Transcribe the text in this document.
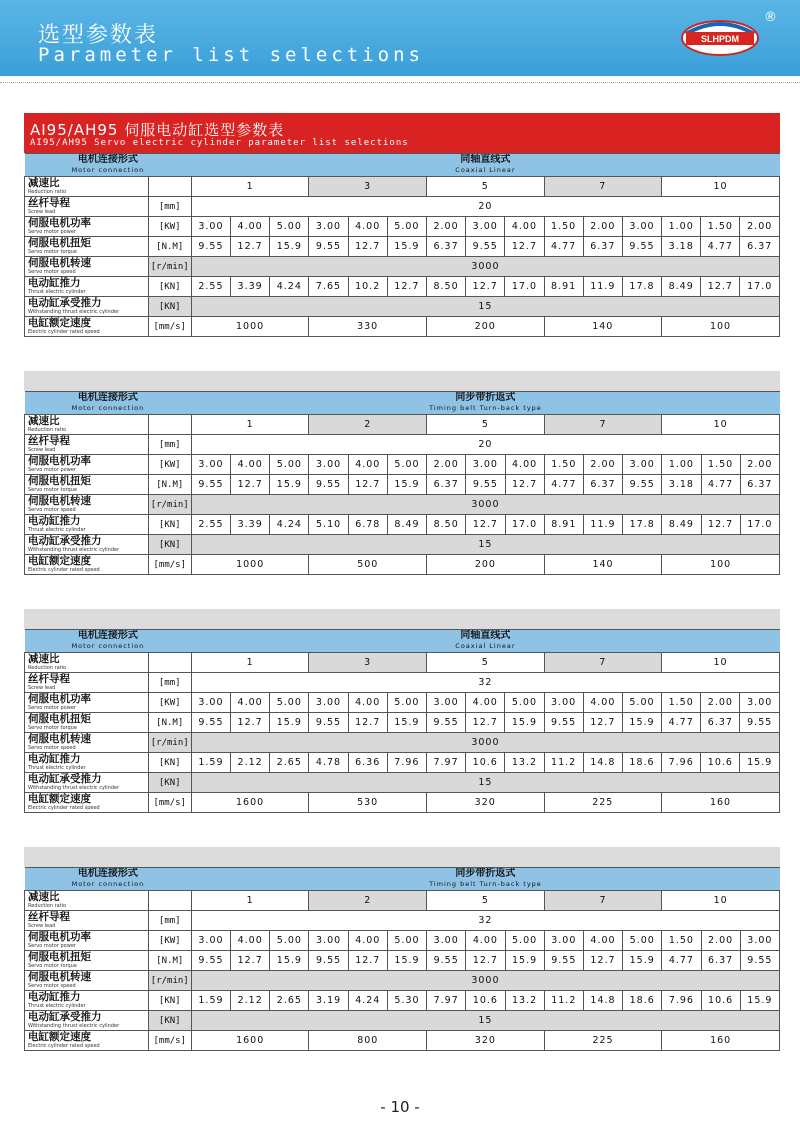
选型参数表
Parameter list selections
SLHPDM
®
AI95/AH95 伺服电动缸选型参数表
AI95/AH95 Servo electric cylinder parameter list selections
电机连接形式
Motor connection		同轴直线式
Coaxial Linear														

减速比
Reduction ratio		1			3			5			7			10		

丝杆导程
Screw lead	[mm]	20														

伺服电机功率
Servo motor power	[KW]	3.00	4.00	5.00	3.00	4.00	5.00	2.00	3.00	4.00	1.50	2.00	3.00	1.00	1.50	2.00

伺服电机扭矩
Servo motor torque	[N.M]	9.55	12.7	15.9	9.55	12.7	15.9	6.37	9.55	12.7	4.77	6.37	9.55	3.18	4.77	6.37

伺服电机转速
Servo motor speed	[r/min]	3000														

电动缸推力
Thrust electric cylinder	[KN]	2.55	3.39	4.24	7.65	10.2	12.7	8.50	12.7	17.0	8.91	11.9	17.8	8.49	12.7	17.0

电动缸承受推力
Withstanding thrust electric cylinder	[KN]	15														

电缸额定速度
Electric cylinder rated speed	[mm/s]	1000			330			200			140			100		
电机连接形式
Motor connection		同步带折返式
Timing belt Turn-back type														

减速比
Reduction ratio		1			2			5			7			10		

丝杆导程
Screw lead	[mm]	20														

伺服电机功率
Servo motor power	[KW]	3.00	4.00	5.00	3.00	4.00	5.00	2.00	3.00	4.00	1.50	2.00	3.00	1.00	1.50	2.00

伺服电机扭矩
Servo motor torque	[N.M]	9.55	12.7	15.9	9.55	12.7	15.9	6.37	9.55	12.7	4.77	6.37	9.55	3.18	4.77	6.37

伺服电机转速
Servo motor speed	[r/min]	3000														

电动缸推力
Thrust electric cylinder	[KN]	2.55	3.39	4.24	5.10	6.78	8.49	8.50	12.7	17.0	8.91	11.9	17.8	8.49	12.7	17.0

电动缸承受推力
Withstanding thrust electric cylinder	[KN]	15														

电缸额定速度
Electric cylinder rated speed	[mm/s]	1000			500			200			140			100		
电机连接形式
Motor connection		同轴直线式
Coaxial Linear														

减速比
Reduction ratio		1			3			5			7			10		

丝杆导程
Screw lead	[mm]	32														

伺服电机功率
Servo motor power	[KW]	3.00	4.00	5.00	3.00	4.00	5.00	3.00	4.00	5.00	3.00	4.00	5.00	1.50	2.00	3.00

伺服电机扭矩
Servo motor torque	[N.M]	9.55	12.7	15.9	9.55	12.7	15.9	9.55	12.7	15.9	9.55	12.7	15.9	4.77	6.37	9.55

伺服电机转速
Servo motor speed	[r/min]	3000														

电动缸推力
Thrust electric cylinder	[KN]	1.59	2.12	2.65	4.78	6.36	7.96	7.97	10.6	13.2	11.2	14.8	18.6	7.96	10.6	15.9

电动缸承受推力
Withstanding thrust electric cylinder	[KN]	15														

电缸额定速度
Electric cylinder rated speed	[mm/s]	1600			530			320			225			160		
电机连接形式
Motor connection		同步带折返式
Timing belt Turn-back type														

减速比
Reduction ratio		1			2			5			7			10		

丝杆导程
Screw lead	[mm]	32														

伺服电机功率
Servo motor power	[KW]	3.00	4.00	5.00	3.00	4.00	5.00	3.00	4.00	5.00	3.00	4.00	5.00	1.50	2.00	3.00

伺服电机扭矩
Servo motor torque	[N.M]	9.55	12.7	15.9	9.55	12.7	15.9	9.55	12.7	15.9	9.55	12.7	15.9	4.77	6.37	9.55

伺服电机转速
Servo motor speed	[r/min]	3000														

电动缸推力
Thrust electric cylinder	[KN]	1.59	2.12	2.65	3.19	4.24	5.30	7.97	10.6	13.2	11.2	14.8	18.6	7.96	10.6	15.9

电动缸承受推力
Withstanding thrust electric cylinder	[KN]	15														

电缸额定速度
Electric cylinder rated speed	[mm/s]	1600			800			320			225			160		
- 10 -
